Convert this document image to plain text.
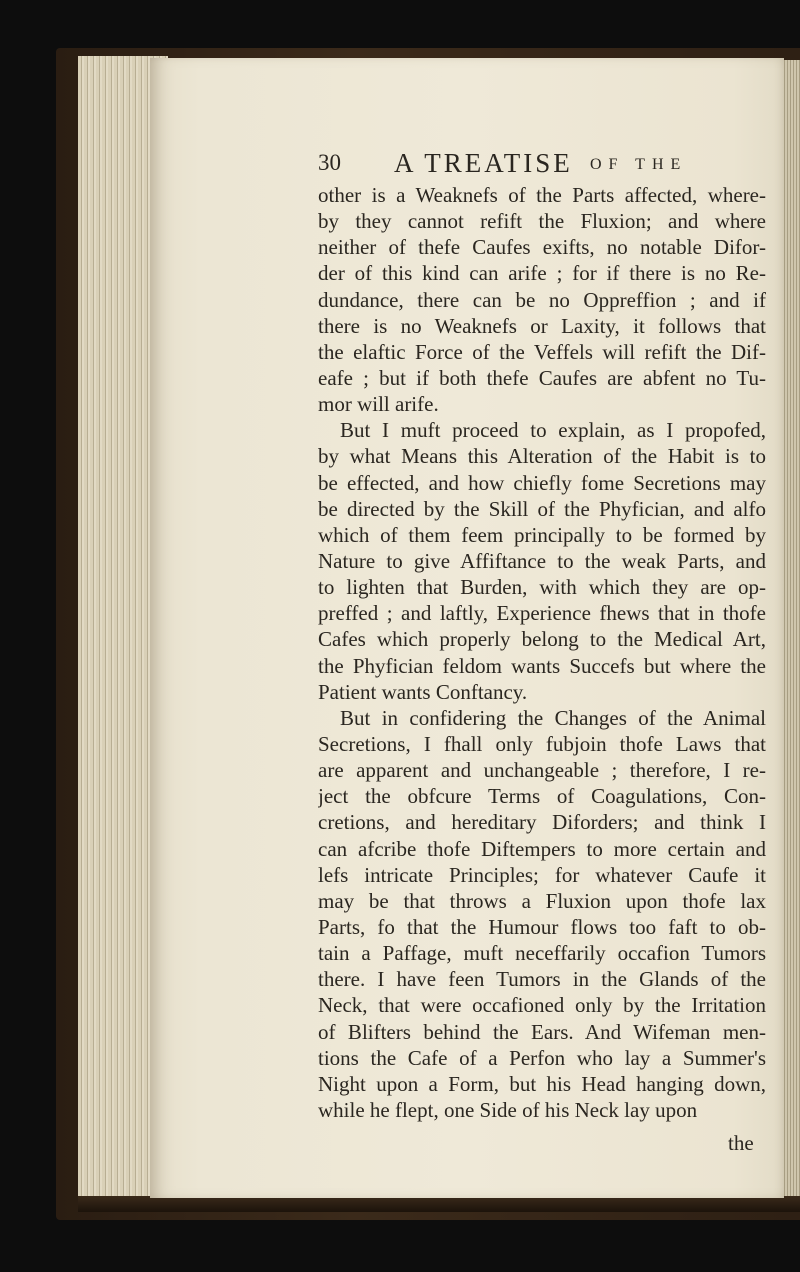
30 A TREATISE OF THE
other is a Weaknefs of the Parts affected, where-
by they cannot refift the Fluxion; and where
neither of thefe Caufes exifts, no notable Difor-
der of this kind can arife ; for if there is no Re-
dundance, there can be no Oppreffion ; and if
there is no Weaknefs or Laxity, it follows that
the elaftic Force of the Veffels will refift the Dif-
eafe ; but if both thefe Caufes are abfent no Tu-
mor will arife.
But I muft proceed to explain, as I propofed,
by what Means this Alteration of the Habit is to
be effected, and how chiefly fome Secretions may
be directed by the Skill of the Phyfician, and alfo
which of them feem principally to be formed by
Nature to give Affiftance to the weak Parts, and
to lighten that Burden, with which they are op-
preffed ; and laftly, Experience fhews that in thofe
Cafes which properly belong to the Medical Art,
the Phyfician feldom wants Succefs but where the
Patient wants Conftancy.
But in confidering the Changes of the Animal
Secretions, I fhall only fubjoin thofe Laws that
are apparent and unchangeable ; therefore, I re-
ject the obfcure Terms of Coagulations, Con-
cretions, and hereditary Diforders; and think I
can afcribe thofe Diftempers to more certain and
lefs intricate Principles; for whatever Caufe it
may be that throws a Fluxion upon thofe lax
Parts, fo that the Humour flows too faft to ob-
tain a Paffage, muft neceffarily occafion Tumors
there. I have feen Tumors in the Glands of the
Neck, that were occafioned only by the Irritation
of Blifters behind the Ears. And Wifeman men-
tions the Cafe of a Perfon who lay a Summer's
Night upon a Form, but his Head hanging down,
while he flept, one Side of his Neck lay upon
the
